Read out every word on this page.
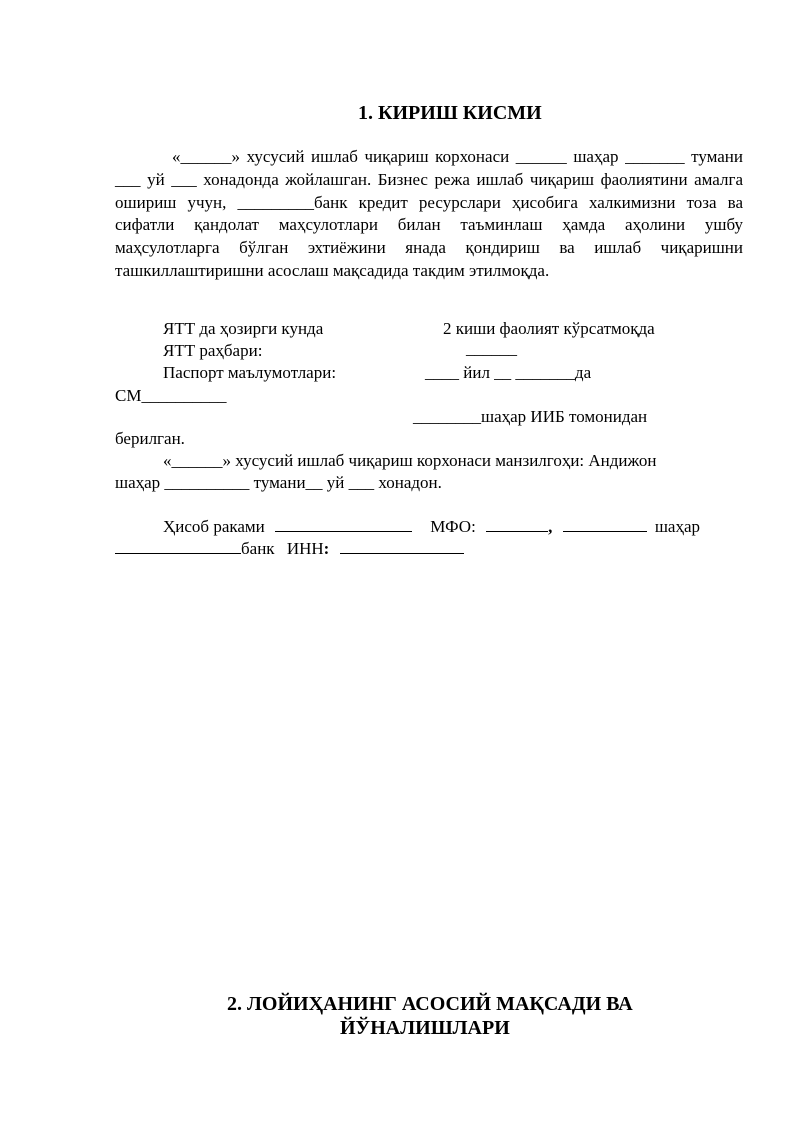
1. КИРИШ КИСМИ
«______» хусусий ишлаб чиқариш корхонаси ______ шаҳар _______ тумани ___ уй ___ хонадонда жойлашган. Бизнес режа ишлаб чиқариш фаолиятини амалга ошириш учун, _________банк кредит ресурслари ҳисобига халкимизни тоза ва сифатли қандолат маҳсулотлари билан таъминлаш ҳамда аҳолини ушбу маҳсулотларга бўлган эхтиёжини янада қондириш ва ишлаб чиқаришни ташкиллаштиришни асослаш мақсадида такдим этилмоқда.
ЯТТ да ҳозирги кунда	2 киши фаолият кўрсатмоқда
ЯТТ раҳбари:	______
Паспорт маълумотлари:	____ йил __ _______да
СМ__________
________шаҳар ИИБ томонидан
берилган.
«______» хусусий ишлаб чиқариш корхонаси манзилгоҳи: Андижон
шаҳар __________ тумани__ уй ___ хонадон.
Ҳисоб раками	МФО:	,	шаҳар
банк ИНН:
2. ЛОЙИҲАНИНГ АСОСИЙ МАҚСАДИ ВА
ЙЎНАЛИШЛАРИ
